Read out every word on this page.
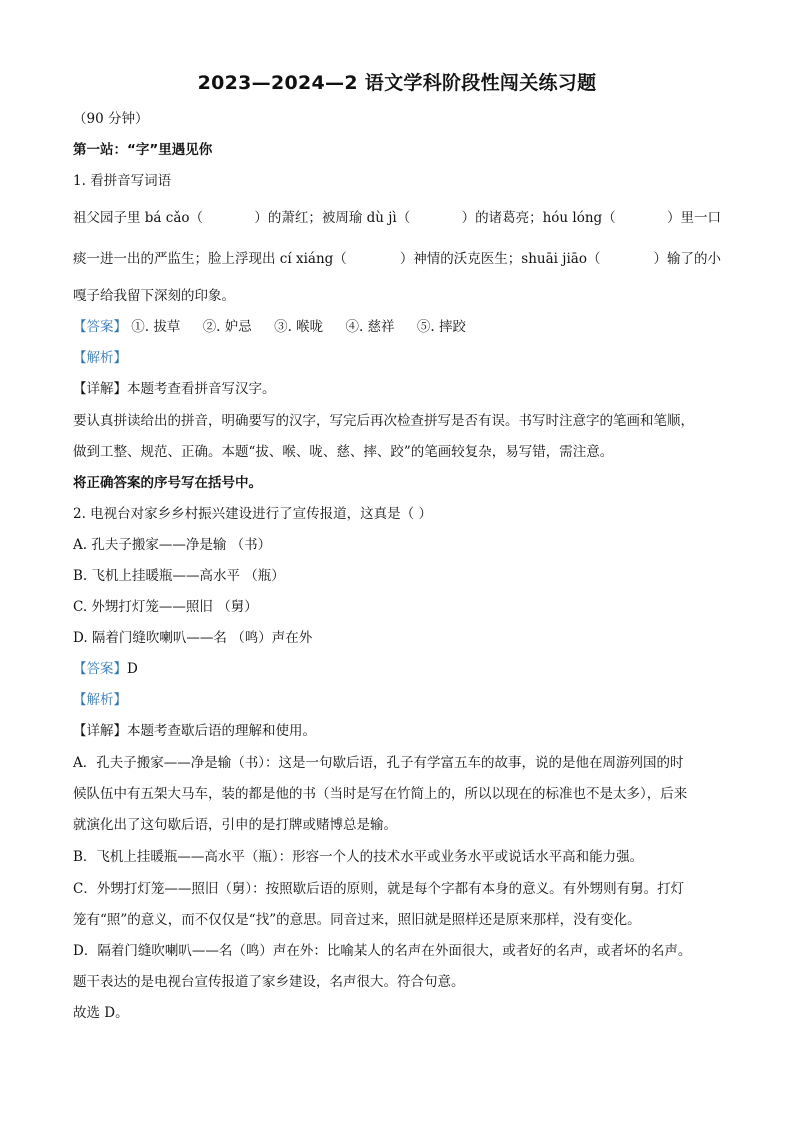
2023—2024—2 语文学科阶段性闯关练习题
（90 分钟）
第一站：“字”里遇见你
1. 看拼音写词语
祖父园子里 bá cǎo（	）的萧红；被周瑜 dù jì（	）的诸葛亮；hóu lóng（	）里一口
痰一进一出的严监生；脸上浮现出 cí xiáng（	）神情的沃克医生；shuāi jiāo（	）输了的小
嘎子给我留下深刻的印象。
【答案】 ①. 拔草 ②. 妒忌 ③. 喉咙 ④. 慈祥 ⑤. 摔跤
【解析】
【详解】本题考查看拼音写汉字。
要认真拼读给出的拼音，明确要写的汉字，写完后再次检查拼写是否有误。书写时注意字的笔画和笔顺，
做到工整、规范、正确。本题“拔、喉、咙、慈、摔、跤”的笔画较复杂，易写错，需注意。
将正确答案的序号写在括号中。
2. 电视台对家乡乡村振兴建设进行了宣传报道，这真是（ ）
A. 孔夫子搬家——净是输 （书）
B. 飞机上挂暖瓶——高水平 （瓶）
C. 外甥打灯笼——照旧 （舅）
D. 隔着门缝吹喇叭——名 （鸣）声在外
【答案】D
【解析】
【详解】本题考查歇后语的理解和使用。
A．孔夫子搬家——净是输（书）：这是一句歇后语，孔子有学富五车的故事，说的是他在周游列国的时
候队伍中有五架大马车，装的都是他的书（当时是写在竹简上的，所以以现在的标准也不是太多），后来
就演化出了这句歇后语，引申的是打牌或赌博总是输。
B．飞机上挂暖瓶——高水平（瓶）：形容一个人的技术水平或业务水平或说话水平高和能力强。
C．外甥打灯笼——照旧（舅）：按照歇后语的原则，就是每个字都有本身的意义。有外甥则有舅。打灯
笼有“照”的意义，而不仅仅是“找”的意思。同音过来，照旧就是照样还是原来那样，没有变化。
D．隔着门缝吹喇叭——名（鸣）声在外：比喻某人的名声在外面很大，或者好的名声，或者坏的名声。
题干表达的是电视台宣传报道了家乡建设，名声很大。符合句意。
故选 D。
